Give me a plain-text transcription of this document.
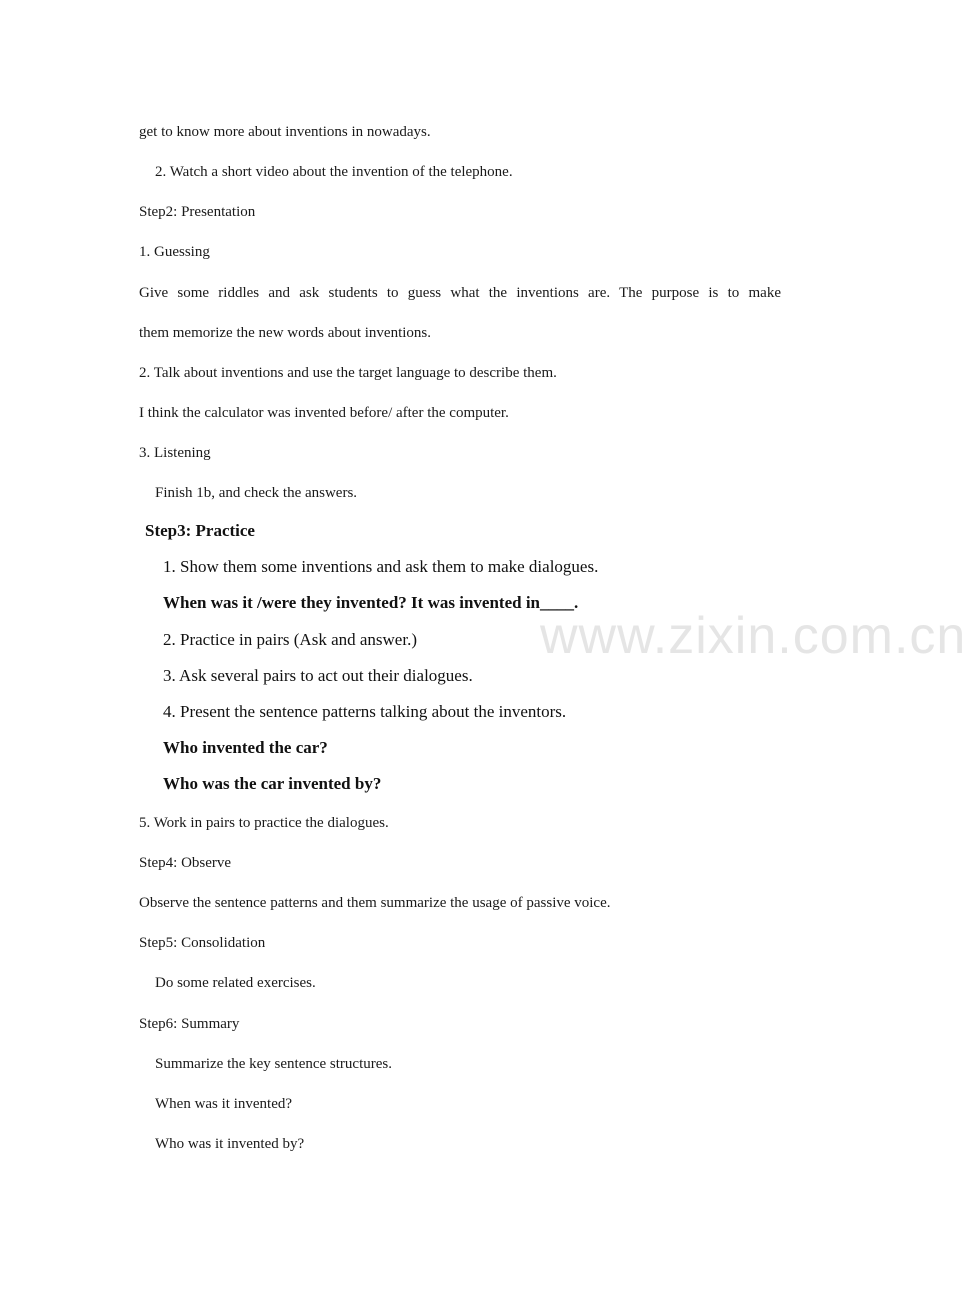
get to know more about inventions in nowadays.
2. Watch a short video about the invention of the telephone.
Step2: Presentation
1. Guessing
Give some riddles and ask students to guess what the inventions are. The purpose is to make
them memorize the new words about inventions.
2. Talk about inventions and use the target language to describe them.
I think the calculator was invented before/ after the computer.
3. Listening
Finish 1b, and check the answers.
Step3: Practice
1. Show them some inventions and ask them to make dialogues.
When was it /were they invented? It was invented in____.
2. Practice in pairs (Ask and answer.)
3. Ask several pairs to act out their dialogues.
4. Present the sentence patterns talking about the inventors.
Who invented the car?
Who was the car invented by?
www.zixin.com.cn
5. Work in pairs to practice the dialogues.
Step4: Observe
Observe the sentence patterns and them summarize the usage of passive voice.
Step5: Consolidation
Do some related exercises.
Step6: Summary
Summarize the key sentence structures.
When was it invented?
Who was it invented by?
